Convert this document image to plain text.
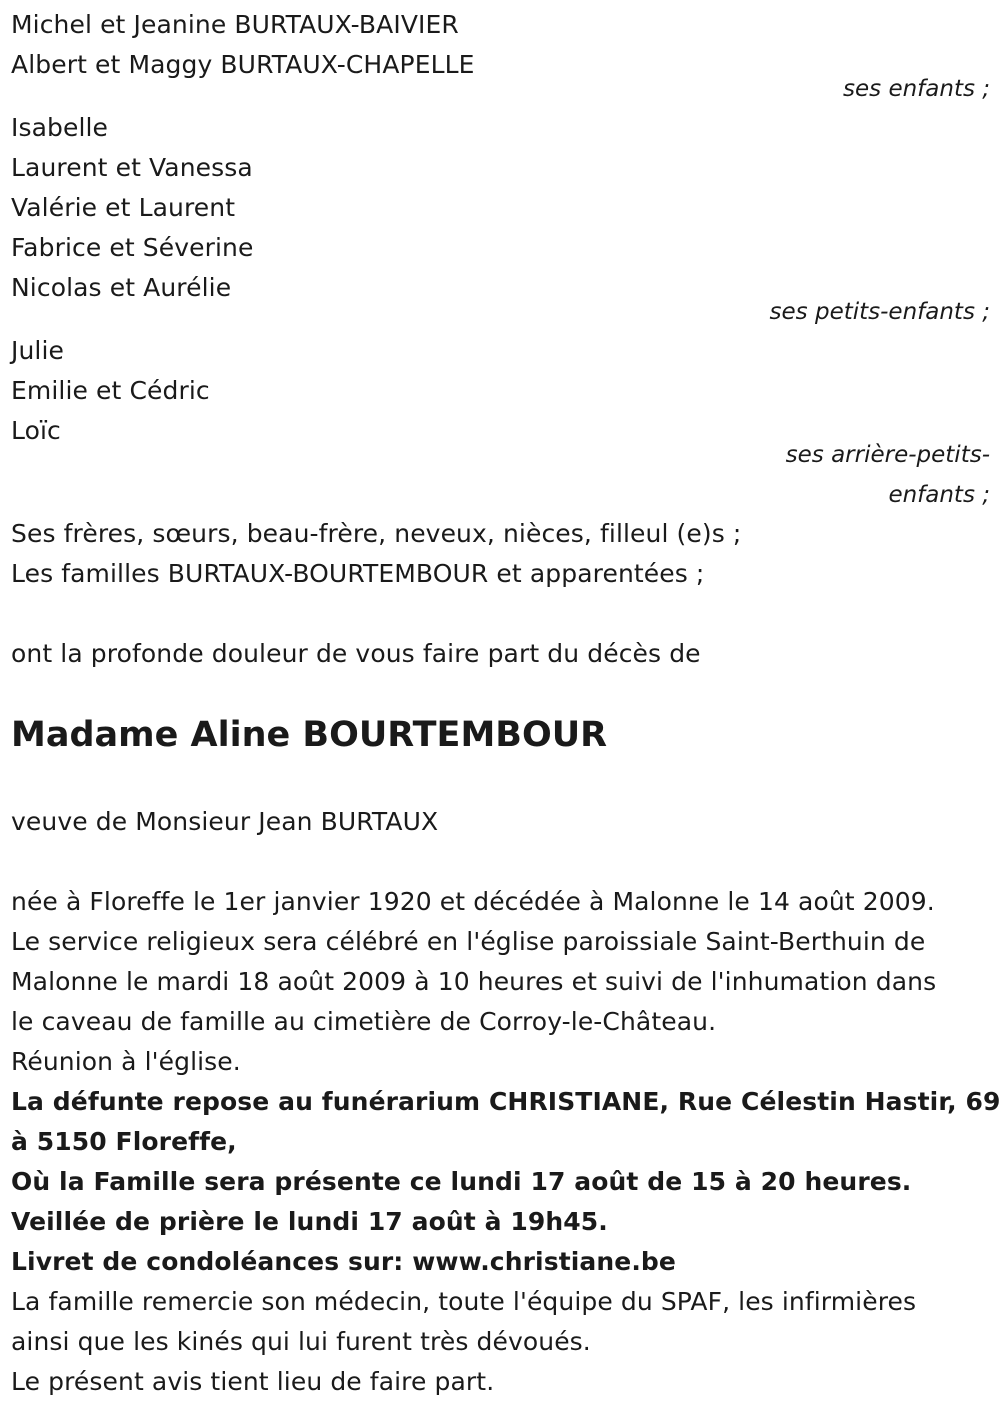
Michel et Jeanine BURTAUX-BAIVIER
Albert et Maggy BURTAUX-CHAPELLE
ses enfants ;
Isabelle
Laurent et Vanessa
Valérie et Laurent
Fabrice et Séverine
Nicolas et Aurélie
ses petits-enfants ;
Julie
Emilie et Cédric
Loïc
ses arrière-petits-
enfants ;
Ses frères, sœurs, beau-frère, neveux, nièces, filleul (e)s ;
Les familles BURTAUX-BOURTEMBOUR et apparentées ;
ont la profonde douleur de vous faire part du décès de
Madame Aline BOURTEMBOUR
veuve de Monsieur Jean BURTAUX
née à Floreffe le 1er janvier 1920 et décédée à Malonne le 14 août 2009.
Le service religieux sera célébré en l'église paroissiale Saint-Berthuin de
Malonne le mardi 18 août 2009 à 10 heures et suivi de l'inhumation dans
le caveau de famille au cimetière de Corroy-le-Château.
Réunion à l'église.
La défunte repose au funérarium CHRISTIANE, Rue Célestin Hastir, 69
à 5150 Floreffe,
Où la Famille sera présente ce lundi 17 août de 15 à 20 heures.
Veillée de prière le lundi 17 août à 19h45.
Livret de condoléances sur: www.christiane.be
La famille remercie son médecin, toute l'équipe du SPAF, les infirmières
ainsi que les kinés qui lui furent très dévoués.
Le présent avis tient lieu de faire part.
